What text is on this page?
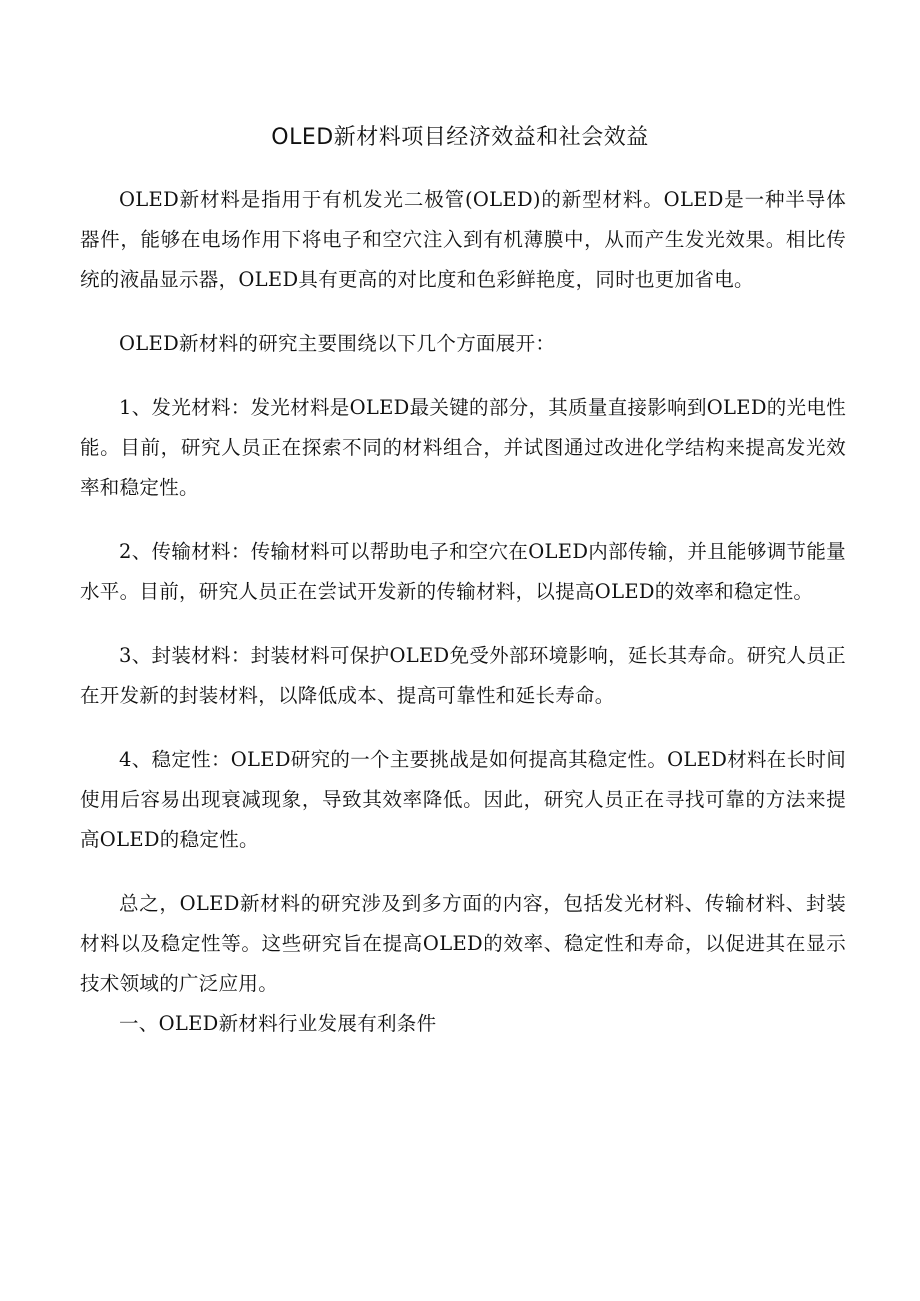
OLED新材料项目经济效益和社会效益

OLED新材料是指用于有机发光二极管(OLED)的新型材料。OLED是一种半导体器件，能够在电场作用下将电子和空穴注入到有机薄膜中，从而产生发光效果。相比传统的液晶显示器，OLED具有更高的对比度和色彩鲜艳度，同时也更加省电。

OLED新材料的研究主要围绕以下几个方面展开：

1、发光材料：发光材料是OLED最关键的部分，其质量直接影响到OLED的光电性能。目前，研究人员正在探索不同的材料组合，并试图通过改进化学结构来提高发光效率和稳定性。

2、传输材料：传输材料可以帮助电子和空穴在OLED内部传输，并且能够调节能量水平。目前，研究人员正在尝试开发新的传输材料，以提高OLED的效率和稳定性。

3、封装材料：封装材料可保护OLED免受外部环境影响，延长其寿命。研究人员正在开发新的封装材料，以降低成本、提高可靠性和延长寿命。

4、稳定性：OLED研究的一个主要挑战是如何提高其稳定性。OLED材料在长时间使用后容易出现衰减现象，导致其效率降低。因此，研究人员正在寻找可靠的方法来提高OLED的稳定性。

总之，OLED新材料的研究涉及到多方面的内容，包括发光材料、传输材料、封装材料以及稳定性等。这些研究旨在提高OLED的效率、稳定性和寿命，以促进其在显示技术领域的广泛应用。

一、OLED新材料行业发展有利条件
